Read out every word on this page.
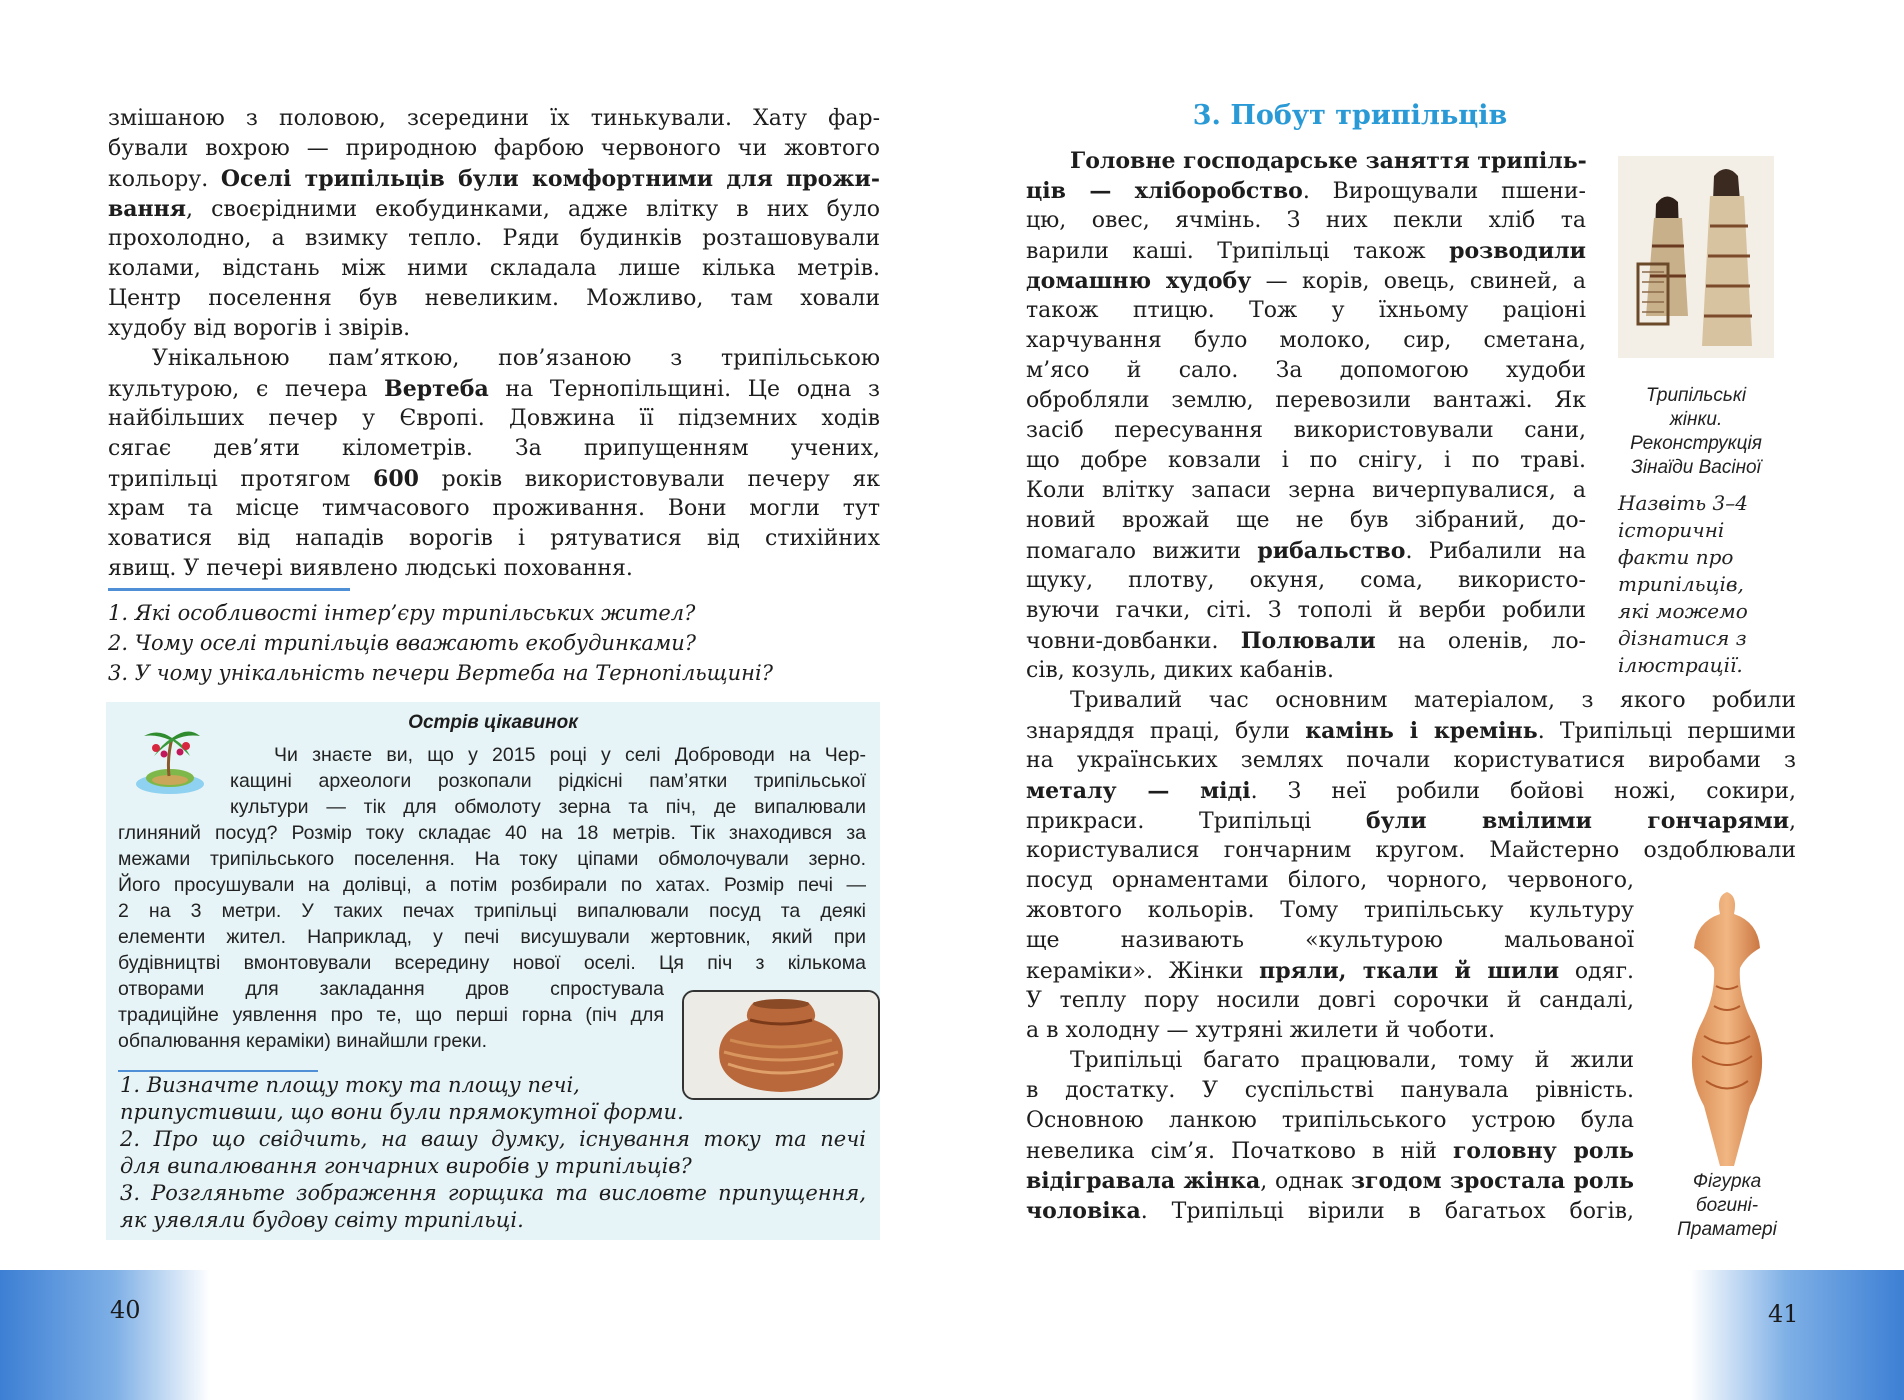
змішаною з половою, зсередини їх тинькували. Хату фар-
бували вохрою — природною фарбою червоного чи жовтого
кольору. Оселі трипільців були комфортними для прожи-
вання, своєрідними екобудинками, адже влітку в них було
прохолодно, а взимку тепло. Ряди будинків розташовували
колами, відстань між ними складала лише кілька метрів.
Центр поселення був невеликим. Можливо, там ховали
худобу від ворогів і звірів.
Унікальною пам’яткою, пов’язаною з трипільською
культурою, є печера Вертеба на Тернопільщині. Це одна з
найбільших печер у Європі. Довжина її підземних ходів
сягає дев’яти кілометрів. За припущенням учених,
трипільці протягом 600 років використовували печеру як
храм та місце тимчасового проживання. Вони могли тут
ховатися від нападів ворогів і рятуватися від стихійних
явищ. У печері виявлено людські поховання.
1. Які особливості інтер’єру трипільських жител?
2. Чому оселі трипільців вважають екобудинками?
3. У чому унікальність печери Вертеба на Тернопільщині?
Острів цікавинок
Чи знаєте ви, що у 2015 році у селі Доброводи на Чер-
кащині археологи розкопали рідкісні пам’ятки трипільської
культури — тік для обмолоту зерна та піч, де випалювали
глиняний посуд? Розмір току складає 40 на 18 метрів. Тік знаходився за
межами трипільського поселення. На току ціпами обмолочували зерно.
Його просушували на долівці, а потім розбирали по хатах. Розмір печі —
2 на 3 метри. У таких печах трипільці випалювали посуд та деякі
елементи жител. Наприклад, у печі висушували жертовник, який при
будівництві вмонтовували всередину нової оселі. Ця піч з кількома
отворами для закладання дров спростувала
традиційне уявлення про те, що перші горна (піч для
обпалювання кераміки) винайшли греки.
1. Визначте площу току та площу печі,
припустивши, що вони були прямокутної форми.
2. Про що свідчить, на вашу думку, існування току та печі
для випалювання гончарних виробів у трипільців?
3. Розгляньте зображення горщика та висловте припущення,
як уявляли будову світу трипільці.
40
3. Побут трипільців
Трипільські
жінки.
Реконструкція
Зінаїди Васіної
Назвіть 3–4
історичні
факти про
трипільців,
які можемо
дізнатися з
ілюстрації.
Фігурка
богині-
Праматері
Головне господарське заняття трипіль-
ців — хліборобство. Вирощували пшени-
цю, овес, ячмінь. З них пекли хліб та
варили каші. Трипільці також розводили
домашню худобу — корів, овець, свиней, а
також птицю. Тож у їхньому раціоні
харчування було молоко, сир, сметана,
м’ясо й сало. За допомогою худоби
обробляли землю, перевозили вантажі. Як
засіб пересування використовували сани,
що добре ковзали і по снігу, і по траві.
Коли влітку запаси зерна вичерпувалися, а
новий врожай ще не був зібраний, до-
помагало вижити рибальство. Рибалили на
щуку, плотву, окуня, сома, використо-
вуючи гачки, сіті. З тополі й верби робили
човни-довбанки. Полювали на оленів, ло-
сів, козуль, диких кабанів.
Тривалий час основним матеріалом, з якого робили
знаряддя праці, були камінь і кремінь. Трипільці першими
на українських землях почали користуватися виробами з
металу — міді. З неї робили бойові ножі, сокири,
прикраси. Трипільці були вмілими гончарями,
користувалися гончарним кругом. Майстерно оздоблювали
посуд орнаментами білого, чорного, червоного,
жовтого кольорів. Тому трипільську культуру
ще називають «культурою мальованої
кераміки». Жінки пряли, ткали й шили одяг.
У теплу пору носили довгі сорочки й сандалі,
а в холодну — хутряні жилети й чоботи.
Трипільці багато працювали, тому й жили
в достатку. У суспільстві панувала рівність.
Основною ланкою трипільського устрою була
невелика сім’я. Початково в ній головну роль
відігравала жінка, однак згодом зростала роль
чоловіка. Трипільці вірили в багатьох богів,
41
